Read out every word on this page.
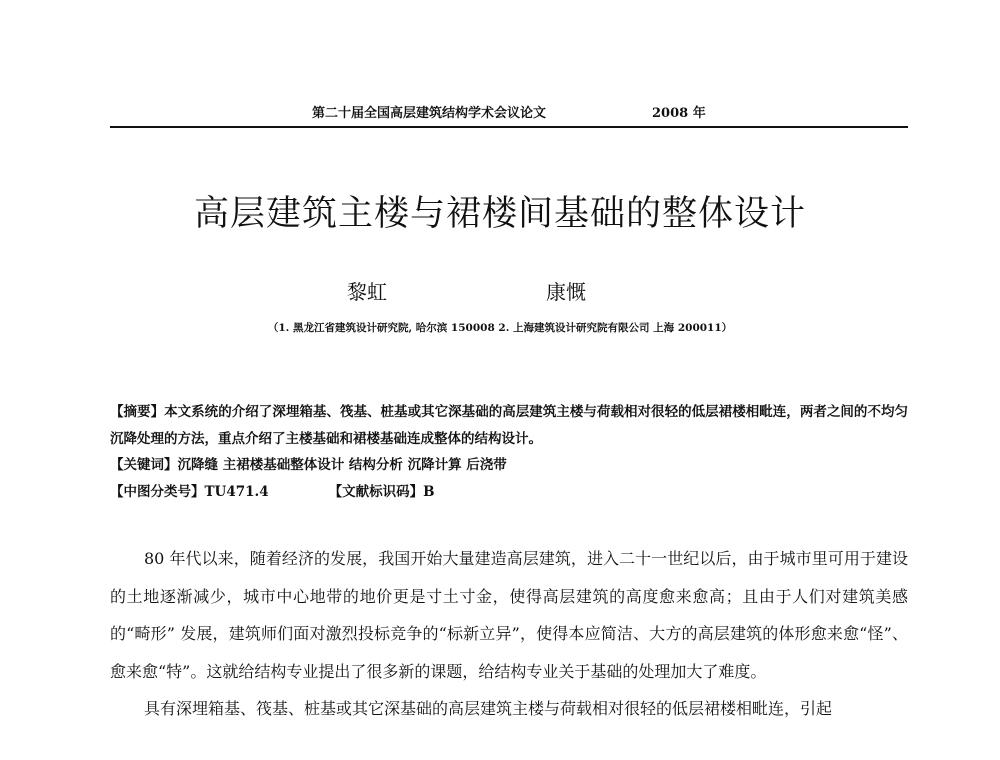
第二十届全国高层建筑结构学术会议论文	2008 年
高层建筑主楼与裙楼间基础的整体设计
黎虹	康慨
（1. 黑龙江省建筑设计研究院, 哈尔滨 150008 2. 上海建筑设计研究院有限公司 上海 200011）

【摘要】本文系统的介绍了深埋箱基、筏基、桩基或其它深基础的高层建筑主楼与荷载相对很轻的低层裙楼相毗连，两者之间的不均匀沉降处理的方法，重点介绍了主楼基础和裙楼基础连成整体的结构设计。

【关键词】沉降缝 主裙楼基础整体设计 结构分析 沉降计算 后浇带

【中图分类号】TU471.4	【文献标识码】B

80 年代以来，随着经济的发展，我国开始大量建造高层建筑，进入二十一世纪以后，由于城市里可用于建设的土地逐渐减少，城市中心地带的地价更是寸土寸金，使得高层建筑的高度愈来愈高；且由于人们对建筑美感的“畸形” 发展，建筑师们面对激烈投标竞争的“标新立异”，使得本应简洁、大方的高层建筑的体形愈来愈“怪”、愈来愈“特”。这就给结构专业提出了很多新的课题，给结构专业关于基础的处理加大了难度。

具有深埋箱基、筏基、桩基或其它深基础的高层建筑主楼与荷载相对很轻的低层裙楼相毗连，引起
